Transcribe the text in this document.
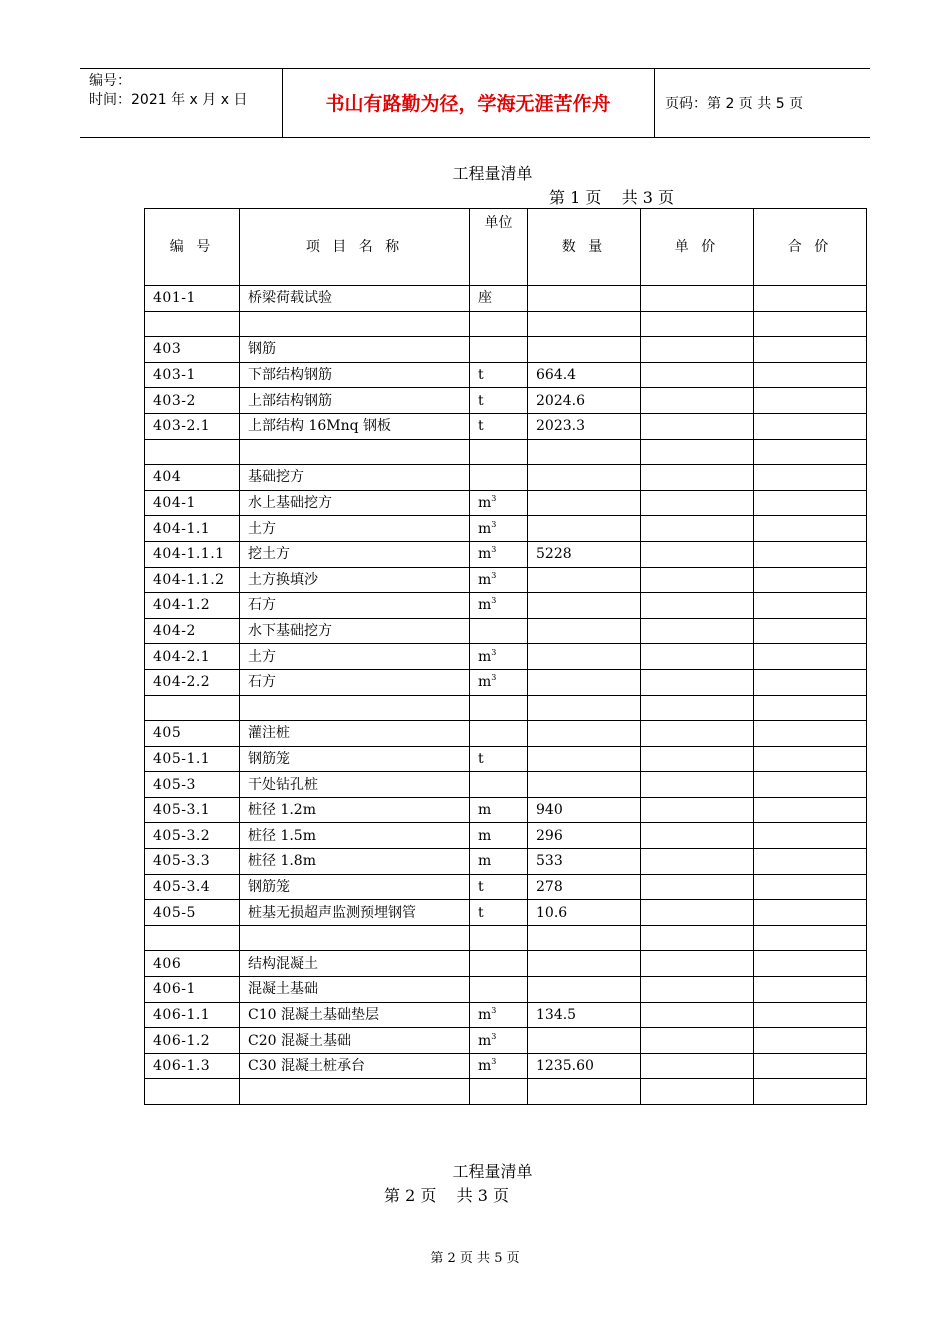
编号：
时间：2021 年 x 月 x 日	书山有路勤为径，学海无涯苦作舟	页码：第 2 页 共 5 页
工程量清单
第 1 页    共 3 页
编 号	项 目 名 称	单位	数 量	单 价	合 价
401-1	桥梁荷载试验	座			

403	钢筋				
403-1	下部结构钢筋	t	664.4		
403-2	上部结构钢筋	t	2024.6		
403-2.1	上部结构 16Mnq 钢板	t	2023.3		

404	基础挖方				
404-1	水上基础挖方	$m^3$			
404-1.1	土方	$m^3$			
404-1.1.1	挖土方	$m^3$	5228		
404-1.1.2	土方换填沙	$m^3$			
404-1.2	石方	$m^3$			
404-2	水下基础挖方				
404-2.1	土方	$m^3$			
404-2.2	石方	$m^3$			

405	灌注桩				
405-1.1	钢筋笼	t			
405-3	干处钻孔桩				
405-3.1	桩径 1.2m	m	940		
405-3.2	桩径 1.5m	m	296		
405-3.3	桩径 1.8m	m	533		
405-3.4	钢筋笼	t	278		
405-5	桩基无损超声监测预埋钢管	t	10.6		

406	结构混凝土				
406-1	混凝土基础				
406-1.1	C10 混凝土基础垫层	$m^3$	134.5		
406-1.2	C20 混凝土基础	$m^3$			
406-1.3	C30 混凝土桩承台	$m^3$	1235.60		

工程量清单
第 2 页    共 3 页
第 2 页 共 5 页
